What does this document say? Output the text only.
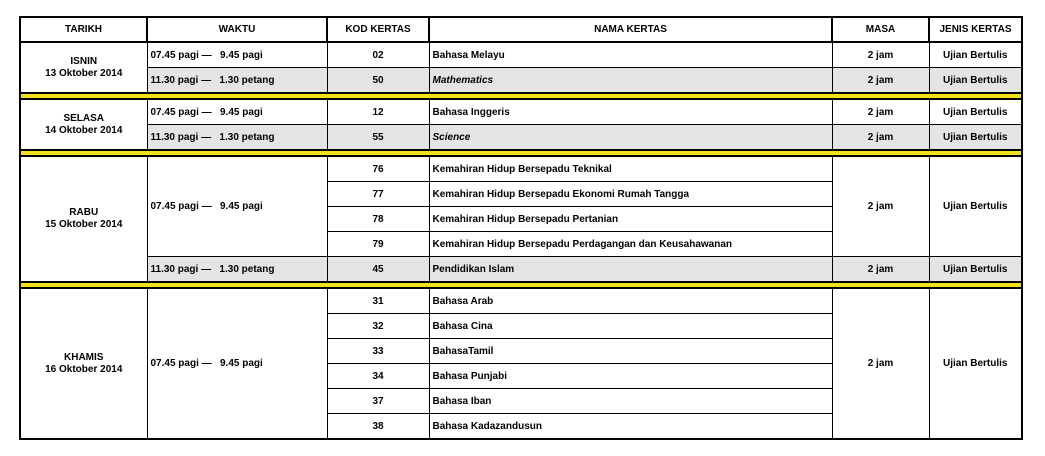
TARIKH	WAKTU	KOD KERTAS	NAMA KERTAS	MASA	JENIS KERTAS

ISNIN
13 Oktober 2014	07.45 pagi —   9.45 pagi	02	Bahasa Melayu	2 jam	Ujian Bertulis
	11.30 pagi —   1.30 petang	50	Mathematics	2 jam	Ujian Bertulis

SELASA
14 Oktober 2014	07.45 pagi —   9.45 pagi	12	Bahasa Inggeris	2 jam	Ujian Bertulis
	11.30 pagi —   1.30 petang	55	Science	2 jam	Ujian Bertulis

RABU
15 Oktober 2014	07.45 pagi —   9.45 pagi	76	Kemahiran Hidup Bersepadu Teknikal	2 jam	Ujian Bertulis
		77	Kemahiran Hidup Bersepadu Ekonomi Rumah Tangga		
		78	Kemahiran Hidup Bersepadu Pertanian		
		79	Kemahiran Hidup Bersepadu Perdagangan dan Keusahawanan		
	11.30 pagi —   1.30 petang	45	Pendidikan Islam	2 jam	Ujian Bertulis

KHAMIS
16 Oktober 2014	07.45 pagi —   9.45 pagi	31	Bahasa Arab	2 jam	Ujian Bertulis
		32	Bahasa Cina		
		33	BahasaTamil		
		34	Bahasa Punjabi		
		37	Bahasa Iban		
		38	Bahasa Kadazandusun		
